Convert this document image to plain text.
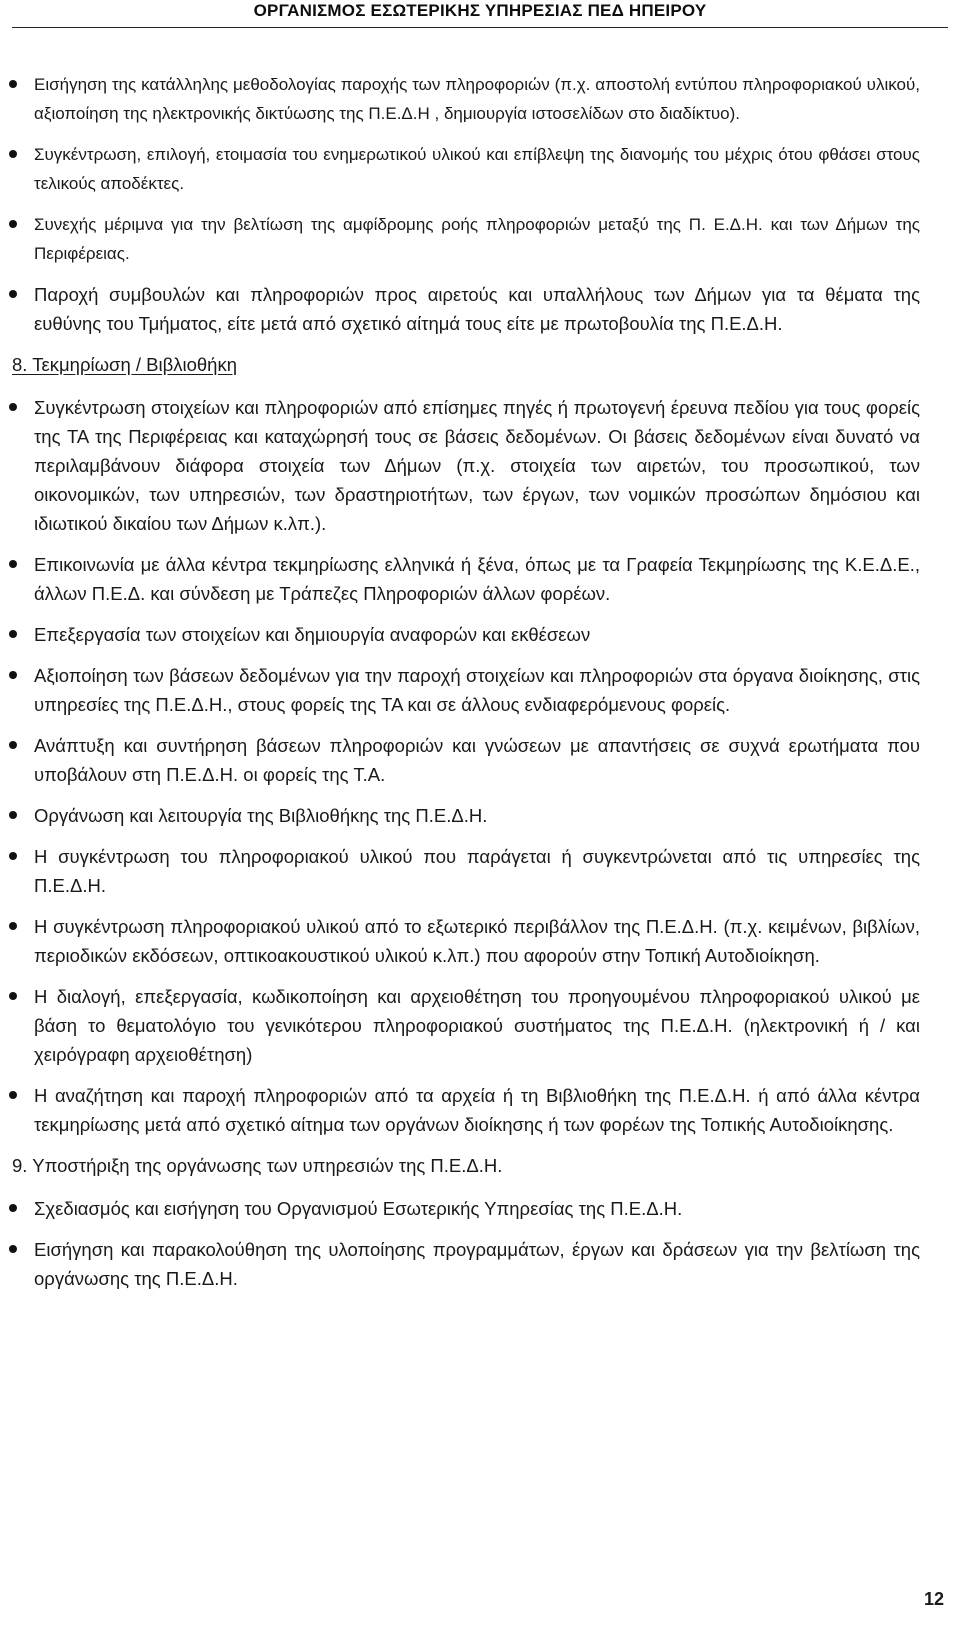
ΟΡΓΑΝΙΣΜΟΣ ΕΣΩΤΕΡΙΚΗΣ ΥΠΗΡΕΣΙΑΣ ΠΕΔ ΗΠΕΙΡΟΥ
Εισήγηση της κατάλληλης μεθοδολογίας παροχής των πληροφοριών (π.χ. αποστολή εντύπου πληροφοριακού υλικού, αξιοποίηση της ηλεκτρονικής δικτύωσης της Π.Ε.Δ.Η , δημιουργία ιστοσελίδων στο διαδίκτυο).
Συγκέντρωση, επιλογή, ετοιμασία του ενημερωτικού υλικού και επίβλεψη της διανομής του μέχρις ότου φθάσει στους τελικούς αποδέκτες.
Συνεχής μέριμνα για την βελτίωση της αμφίδρομης ροής πληροφοριών μεταξύ της Π. Ε.Δ.Η. και των Δήμων της Περιφέρειας.
Παροχή συμβουλών και πληροφοριών προς αιρετούς και υπαλλήλους των Δήμων για τα θέματα της ευθύνης του Τμήματος, είτε μετά από σχετικό αίτημά τους είτε με πρωτοβουλία της Π.Ε.Δ.Η.
8. Τεκμηρίωση / Βιβλιοθήκη
Συγκέντρωση στοιχείων και πληροφοριών από επίσημες πηγές ή πρωτογενή έρευνα πεδίου για τους φορείς της ΤΑ της Περιφέρειας και καταχώρησή τους σε βάσεις δεδομένων. Οι βάσεις δεδομένων είναι δυνατό να περιλαμβάνουν διάφορα στοιχεία των Δήμων (π.χ. στοιχεία των αιρετών, του προσωπικού, των οικονομικών, των υπηρεσιών, των δραστηριοτήτων, των έργων, των νομικών προσώπων δημόσιου και ιδιωτικού δικαίου των Δήμων κ.λπ.).
Επικοινωνία με άλλα κέντρα τεκμηρίωσης ελληνικά ή ξένα, όπως με τα Γραφεία Τεκμηρίωσης της Κ.Ε.Δ.Ε., άλλων Π.Ε.Δ. και σύνδεση με Τράπεζες Πληροφοριών άλλων φορέων.
Επεξεργασία των στοιχείων και δημιουργία αναφορών και εκθέσεων
Αξιοποίηση των βάσεων δεδομένων για την παροχή στοιχείων και πληροφοριών στα όργανα διοίκησης, στις υπηρεσίες της Π.Ε.Δ.Η., στους φορείς της ΤΑ και σε άλλους ενδιαφερόμενους φορείς.
Ανάπτυξη και συντήρηση βάσεων πληροφοριών και γνώσεων με απαντήσεις σε συχνά ερωτήματα που υποβάλουν στη Π.Ε.Δ.Η. οι φορείς της Τ.Α.
Οργάνωση και λειτουργία της Βιβλιοθήκης της Π.Ε.Δ.Η.
Η συγκέντρωση του πληροφοριακού υλικού που παράγεται ή συγκεντρώνεται από τις υπηρεσίες της Π.Ε.Δ.Η.
Η συγκέντρωση πληροφοριακού υλικού από το εξωτερικό περιβάλλον της Π.Ε.Δ.Η. (π.χ. κειμένων, βιβλίων, περιοδικών εκδόσεων, οπτικοακουστικού υλικού κ.λπ.) που αφορούν στην Τοπική Αυτοδιοίκηση.
Η διαλογή, επεξεργασία, κωδικοποίηση και αρχειοθέτηση του προηγουμένου πληροφοριακού υλικού με βάση το θεματολόγιο του γενικότερου πληροφοριακού συστήματος της Π.Ε.Δ.Η. (ηλεκτρονική ή / και χειρόγραφη αρχειοθέτηση)
Η αναζήτηση και παροχή πληροφοριών από τα αρχεία ή τη Βιβλιοθήκη της Π.Ε.Δ.Η. ή από άλλα κέντρα τεκμηρίωσης μετά από σχετικό αίτημα των οργάνων διοίκησης ή των φορέων της Τοπικής Αυτοδιοίκησης.
9. Υποστήριξη της οργάνωσης των υπηρεσιών της Π.Ε.Δ.Η.
Σχεδιασμός και εισήγηση του Οργανισμού Εσωτερικής Υπηρεσίας της Π.Ε.Δ.Η.
Εισήγηση και παρακολούθηση της υλοποίησης προγραμμάτων, έργων και δράσεων για την βελτίωση της οργάνωσης της Π.Ε.Δ.Η.
12
